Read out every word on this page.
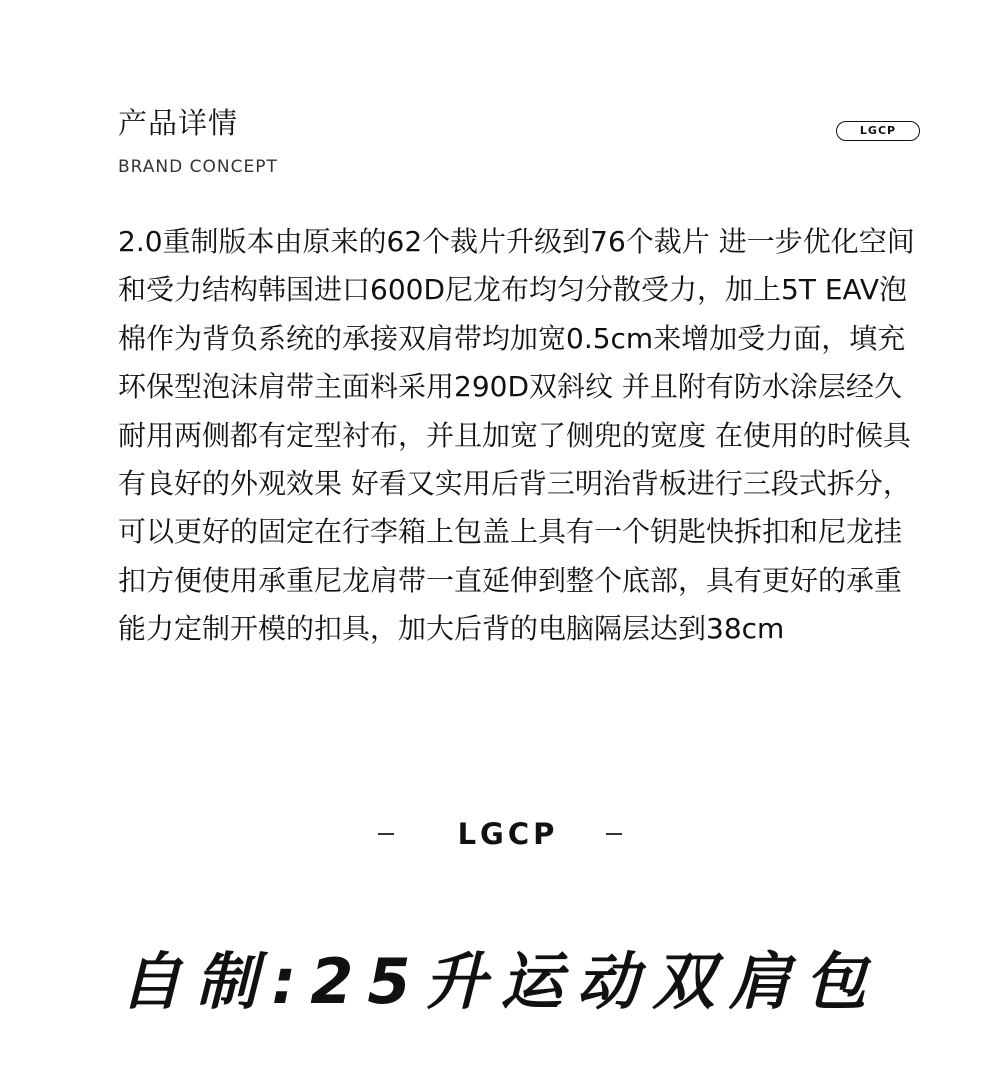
产品详情
BRAND CONCEPT
LGCP
2.0重制版本由原来的62个裁片升级到76个裁片 进一步优化空间和受力结构韩国进口600D尼龙布均匀分散受力，加上5T EAV泡棉作为背负系统的承接双肩带均加宽0.5cm来增加受力面，填充环保型泡沫肩带主面料采用290D双斜纹 并且附有防水涂层经久耐用两侧都有定型衬布，并且加宽了侧兜的宽度 在使用的时候具有良好的外观效果 好看又实用后背三明治背板进行三段式拆分，可以更好的固定在行李箱上包盖上具有一个钥匙快拆扣和尼龙挂扣方便使用承重尼龙肩带一直延伸到整个底部，具有更好的承重能力定制开模的扣具，加大后背的电脑隔层达到38cm
LGCP
自制:25升运动双肩包
